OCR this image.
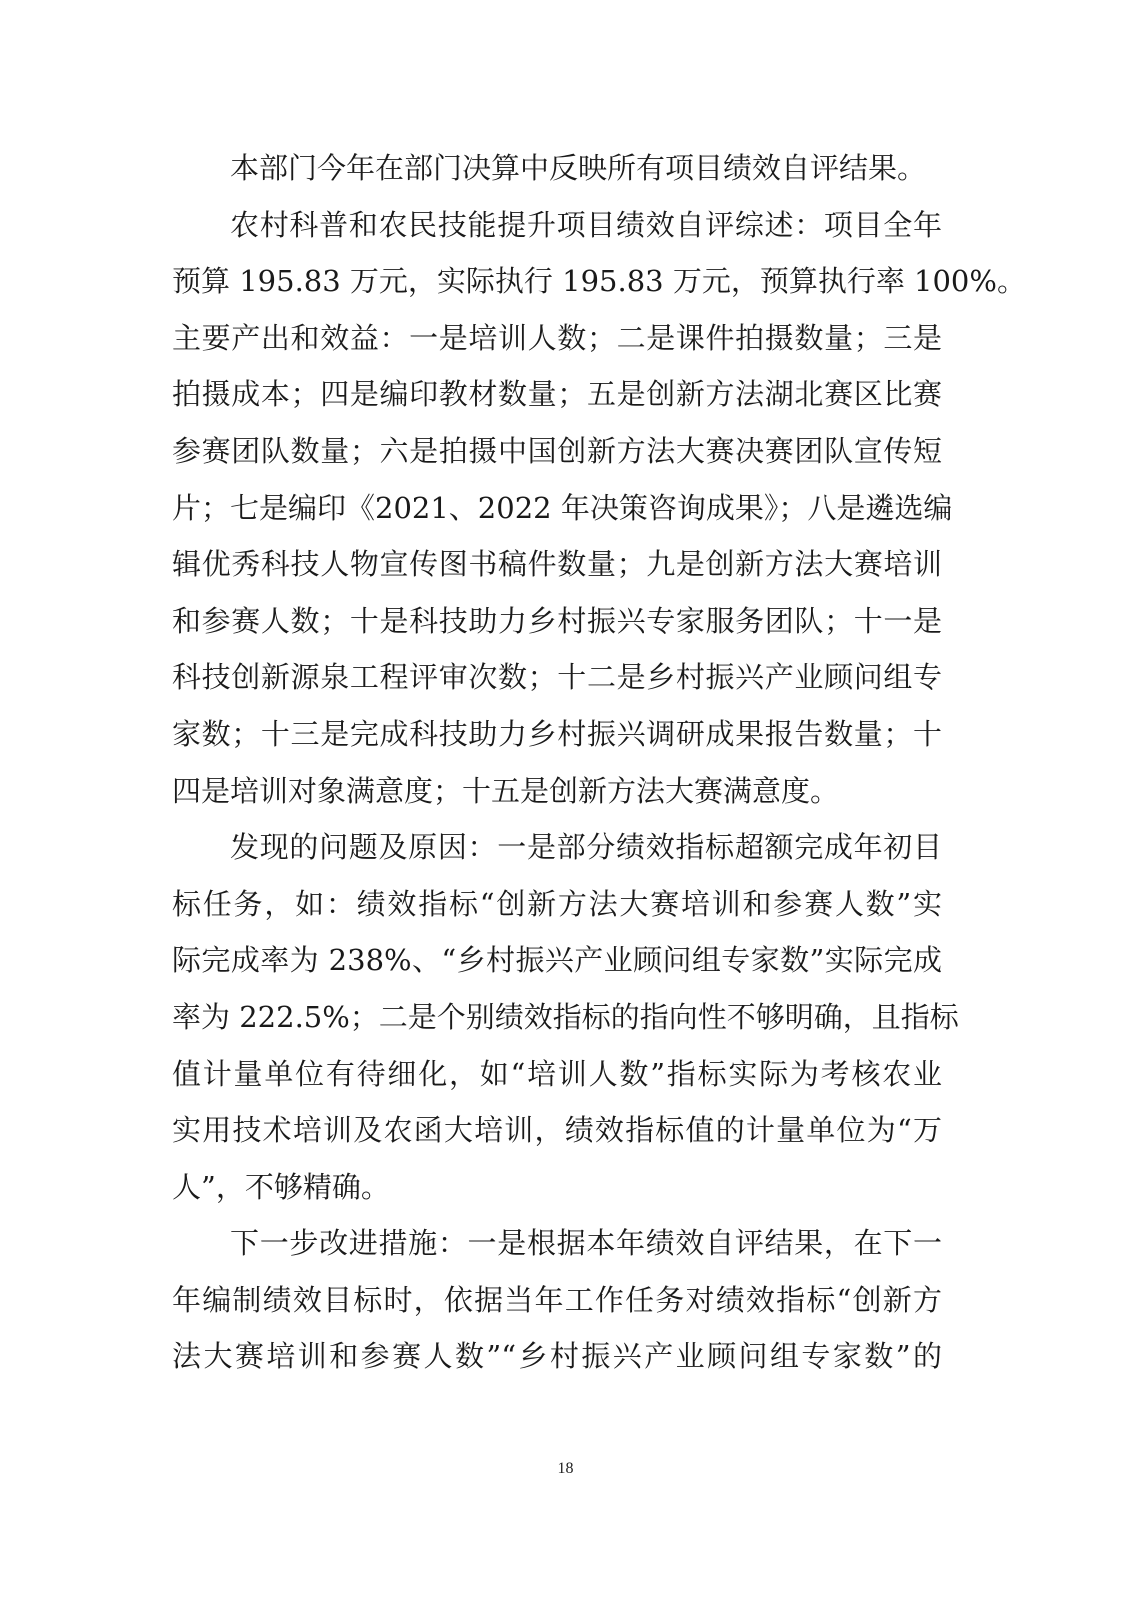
本部门今年在部门决算中反映所有项目绩效自评结果。
农村科普和农民技能提升项目绩效自评综述：项目全年
预算 195.83 万元，实际执行 195.83 万元，预算执行率 100%。
主要产出和效益：一是培训人数；二是课件拍摄数量；三是
拍摄成本；四是编印教材数量；五是创新方法湖北赛区比赛
参赛团队数量；六是拍摄中国创新方法大赛决赛团队宣传短
片；七是编印《2021、2022 年决策咨询成果》；八是遴选编
辑优秀科技人物宣传图书稿件数量；九是创新方法大赛培训
和参赛人数；十是科技助力乡村振兴专家服务团队；十一是
科技创新源泉工程评审次数；十二是乡村振兴产业顾问组专
家数；十三是完成科技助力乡村振兴调研成果报告数量；十
四是培训对象满意度；十五是创新方法大赛满意度。
发现的问题及原因：一是部分绩效指标超额完成年初目
标任务，如：绩效指标“创新方法大赛培训和参赛人数”实
际完成率为 238%、“乡村振兴产业顾问组专家数”实际完成
率为 222.5%；二是个别绩效指标的指向性不够明确，且指标
值计量单位有待细化，如“培训人数”指标实际为考核农业
实用技术培训及农函大培训，绩效指标值的计量单位为“万
人”，不够精确。
下一步改进措施：一是根据本年绩效自评结果，在下一
年编制绩效目标时，依据当年工作任务对绩效指标“创新方
法大赛培训和参赛人数”“乡村振兴产业顾问组专家数”的
18
